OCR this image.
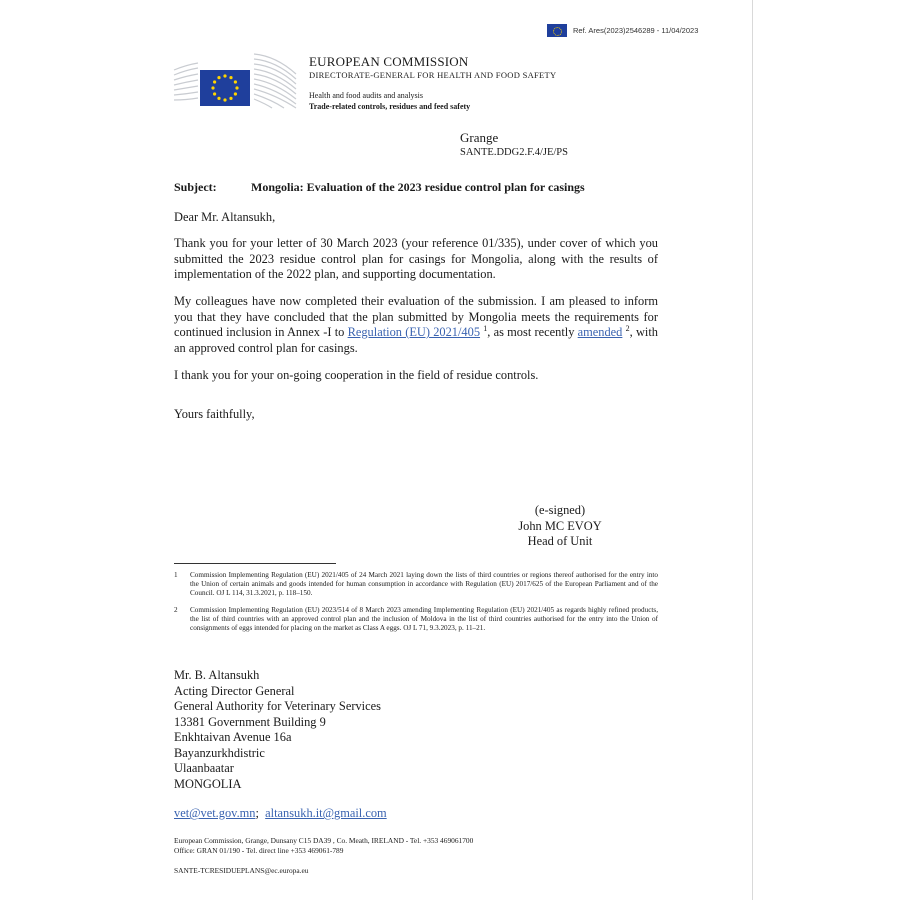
Ref. Ares(2023)2546289 - 11/04/2023
EUROPEAN COMMISSION
DIRECTORATE-GENERAL FOR HEALTH AND FOOD SAFETY
Health and food audits and analysis
Trade-related controls, residues and feed safety
Grange
SANTE.DDG2.F.4/JE/PS
Subject:	Mongolia: Evaluation of the 2023 residue control plan for casings
Dear Mr. Altansukh,
Thank you for your letter of 30 March 2023 (your reference 01/335), under cover of which you submitted the 2023 residue control plan for casings for Mongolia, along with the results of implementation of the 2022 plan, and supporting documentation.
My colleagues have now completed their evaluation of the submission. I am pleased to inform you that they have concluded that the plan submitted by Mongolia meets the requirements for continued inclusion in Annex -I to Regulation (EU) 2021/405 $^1$, as most recently amended $^2$, with an approved control plan for casings.
I thank you for your on-going cooperation in the field of residue controls.
Yours faithfully,
(e-signed)
John MC EVOY
Head of Unit
1	Commission Implementing Regulation (EU) 2021/405 of 24 March 2021 laying down the lists of third countries or regions thereof authorised for the entry into the Union of certain animals and goods intended for human consumption in accordance with Regulation (EU) 2017/625 of the European Parliament and of the Council. OJ L 114, 31.3.2021, p. 118–150.
2	Commission Implementing Regulation (EU) 2023/514 of 8 March 2023 amending Implementing Regulation (EU) 2021/405 as regards highly refined products, the list of third countries with an approved control plan and the inclusion of Moldova in the list of third countries authorised for the entry into the Union of consignments of eggs intended for placing on the market as Class A eggs. OJ L 71, 9.3.2023, p. 11–21.
Mr. B. Altansukh
Acting Director General
General Authority for Veterinary Services
13381 Government Building 9
Enkhtaivan Avenue 16a
Bayanzurkhdistric
Ulaanbaatar
MONGOLIA
vet@vet.gov.mn; altansukh.it@gmail.com
European Commission, Grange, Dunsany C15 DA39 , Co. Meath, IRELAND - Tel. +353 469061700
Office: GRAN 01/190 - Tel. direct line +353 469061-789
SANTE-TCRESIDUEPLANS@ec.europa.eu
